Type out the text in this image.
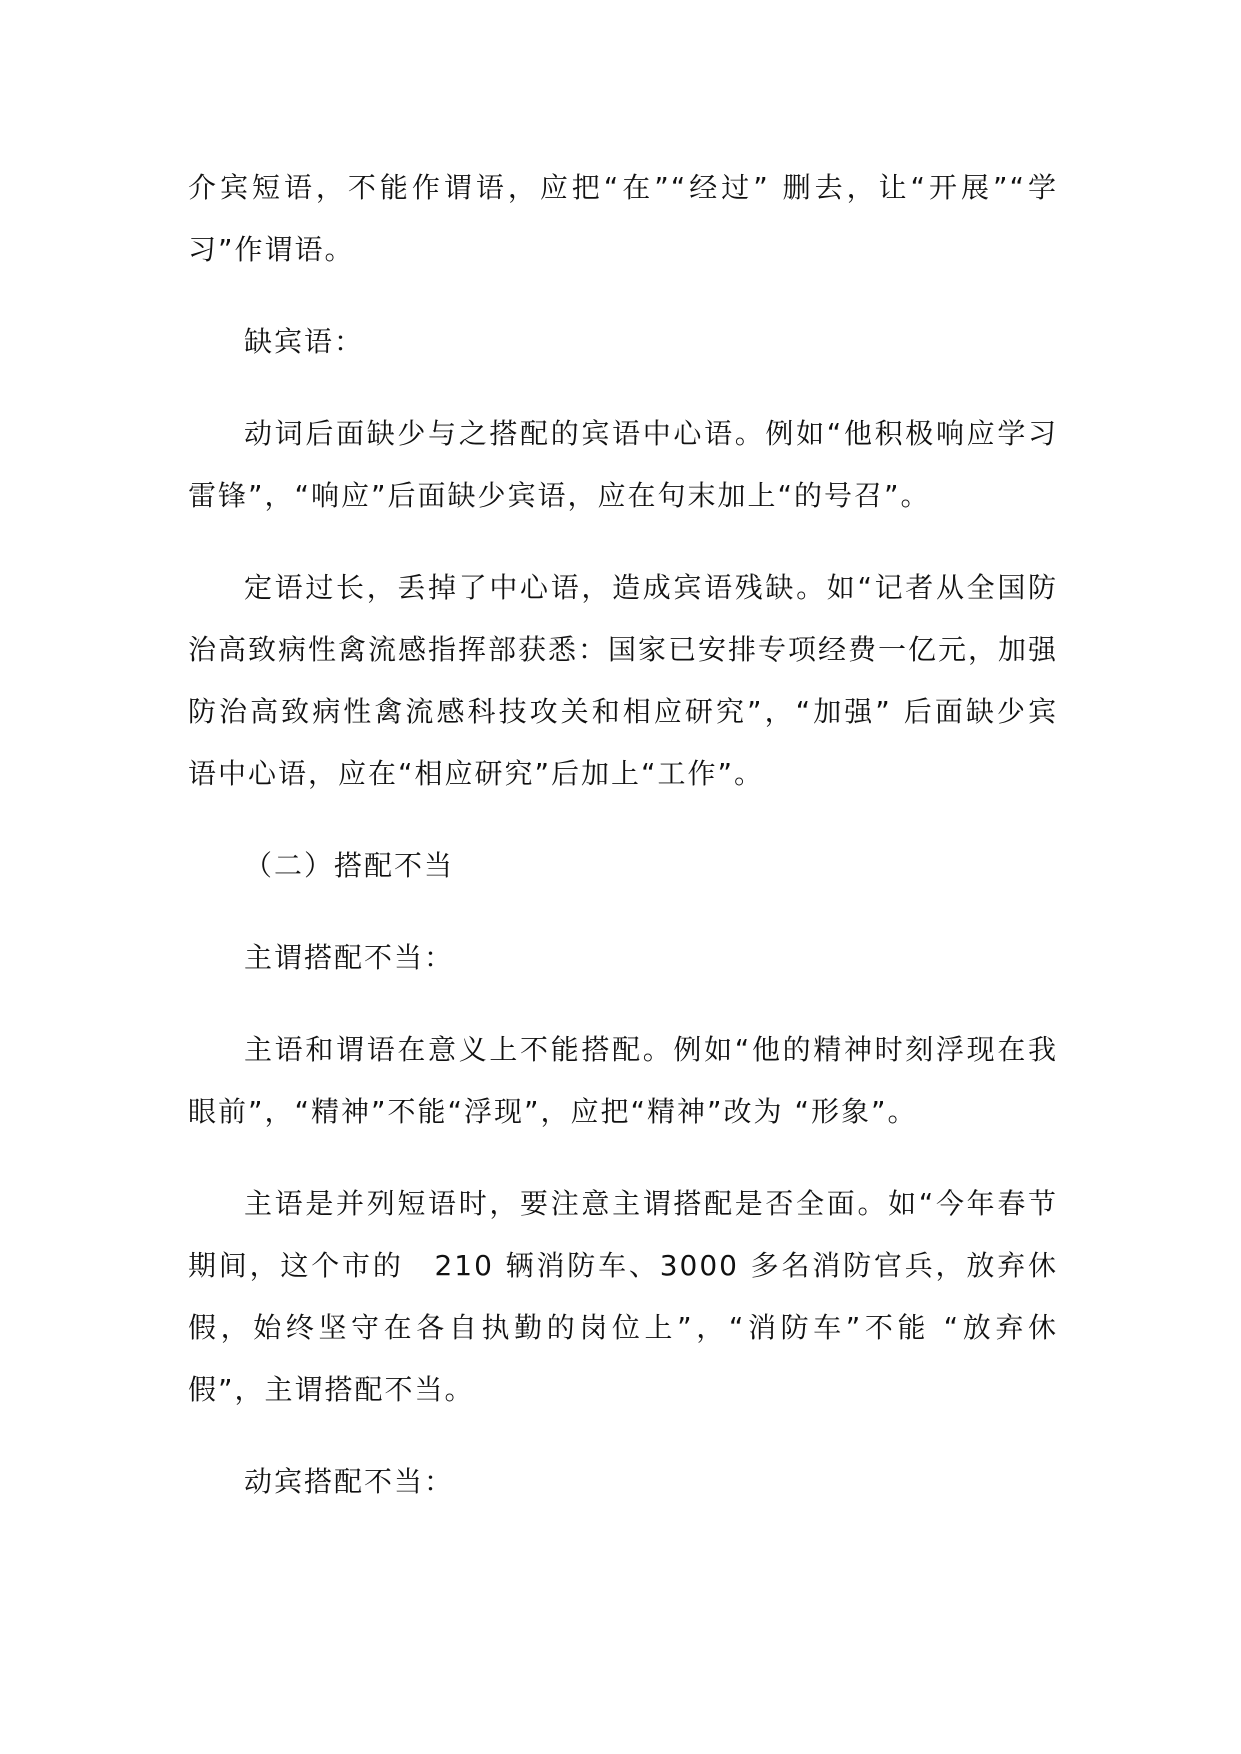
介宾短语，不能作谓语，应把“在”“经过” 删去，让“开展”“学习”作谓语。

缺宾语：

动词后面缺少与之搭配的宾语中心语。例如“他积极响应学习雷锋”，“响应”后面缺少宾语，应在句末加上“的号召”。

定语过长，丢掉了中心语，造成宾语残缺。如“记者从全国防治高致病性禽流感指挥部获悉：国家已安排专项经费一亿元，加强防治高致病性禽流感科技攻关和相应研究”，“加强” 后面缺少宾语中心语，应在“相应研究”后加上“工作”。

（二）搭配不当

主谓搭配不当：

主语和谓语在意义上不能搭配。例如“他的精神时刻浮现在我眼前”，“精神”不能“浮现”，应把“精神”改为 “形象”。

主语是并列短语时，要注意主谓搭配是否全面。如“今年春节期间，这个市的　210 辆消防车、3000 多名消防官兵，放弃休假，始终坚守在各自执勤的岗位上”，“消防车”不能 “放弃休假”，主谓搭配不当。

动宾搭配不当：
